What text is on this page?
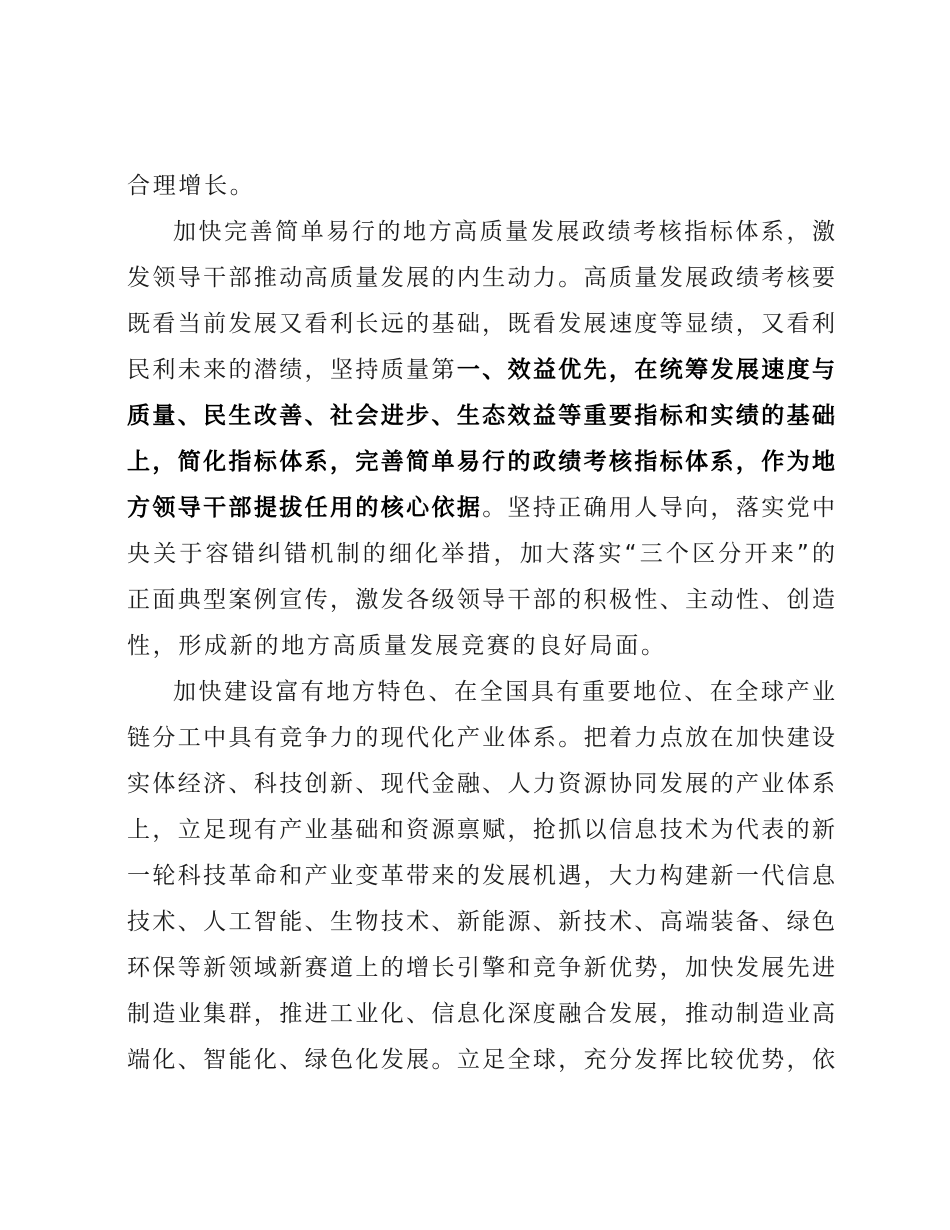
合理增长。
加快完善简单易行的地方高质量发展政绩考核指标体系，激
发领导干部推动高质量发展的内生动力。高质量发展政绩考核要
既看当前发展又看利长远的基础，既看发展速度等显绩，又看利
民利未来的潜绩，坚持质量第一、效益优先，在统筹发展速度与
质量、民生改善、社会进步、生态效益等重要指标和实绩的基础
上，简化指标体系，完善简单易行的政绩考核指标体系，作为地
方领导干部提拔任用的核心依据。坚持正确用人导向，落实党中
央关于容错纠错机制的细化举措，加大落实“三个区分开来”的
正面典型案例宣传，激发各级领导干部的积极性、主动性、创造
性，形成新的地方高质量发展竞赛的良好局面。
加快建设富有地方特色、在全国具有重要地位、在全球产业
链分工中具有竞争力的现代化产业体系。把着力点放在加快建设
实体经济、科技创新、现代金融、人力资源协同发展的产业体系
上，立足现有产业基础和资源禀赋，抢抓以信息技术为代表的新
一轮科技革命和产业变革带来的发展机遇，大力构建新一代信息
技术、人工智能、生物技术、新能源、新技术、高端装备、绿色
环保等新领域新赛道上的增长引擎和竞争新优势，加快发展先进
制造业集群，推进工业化、信息化深度融合发展，推动制造业高
端化、智能化、绿色化发展。立足全球，充分发挥比较优势，依
